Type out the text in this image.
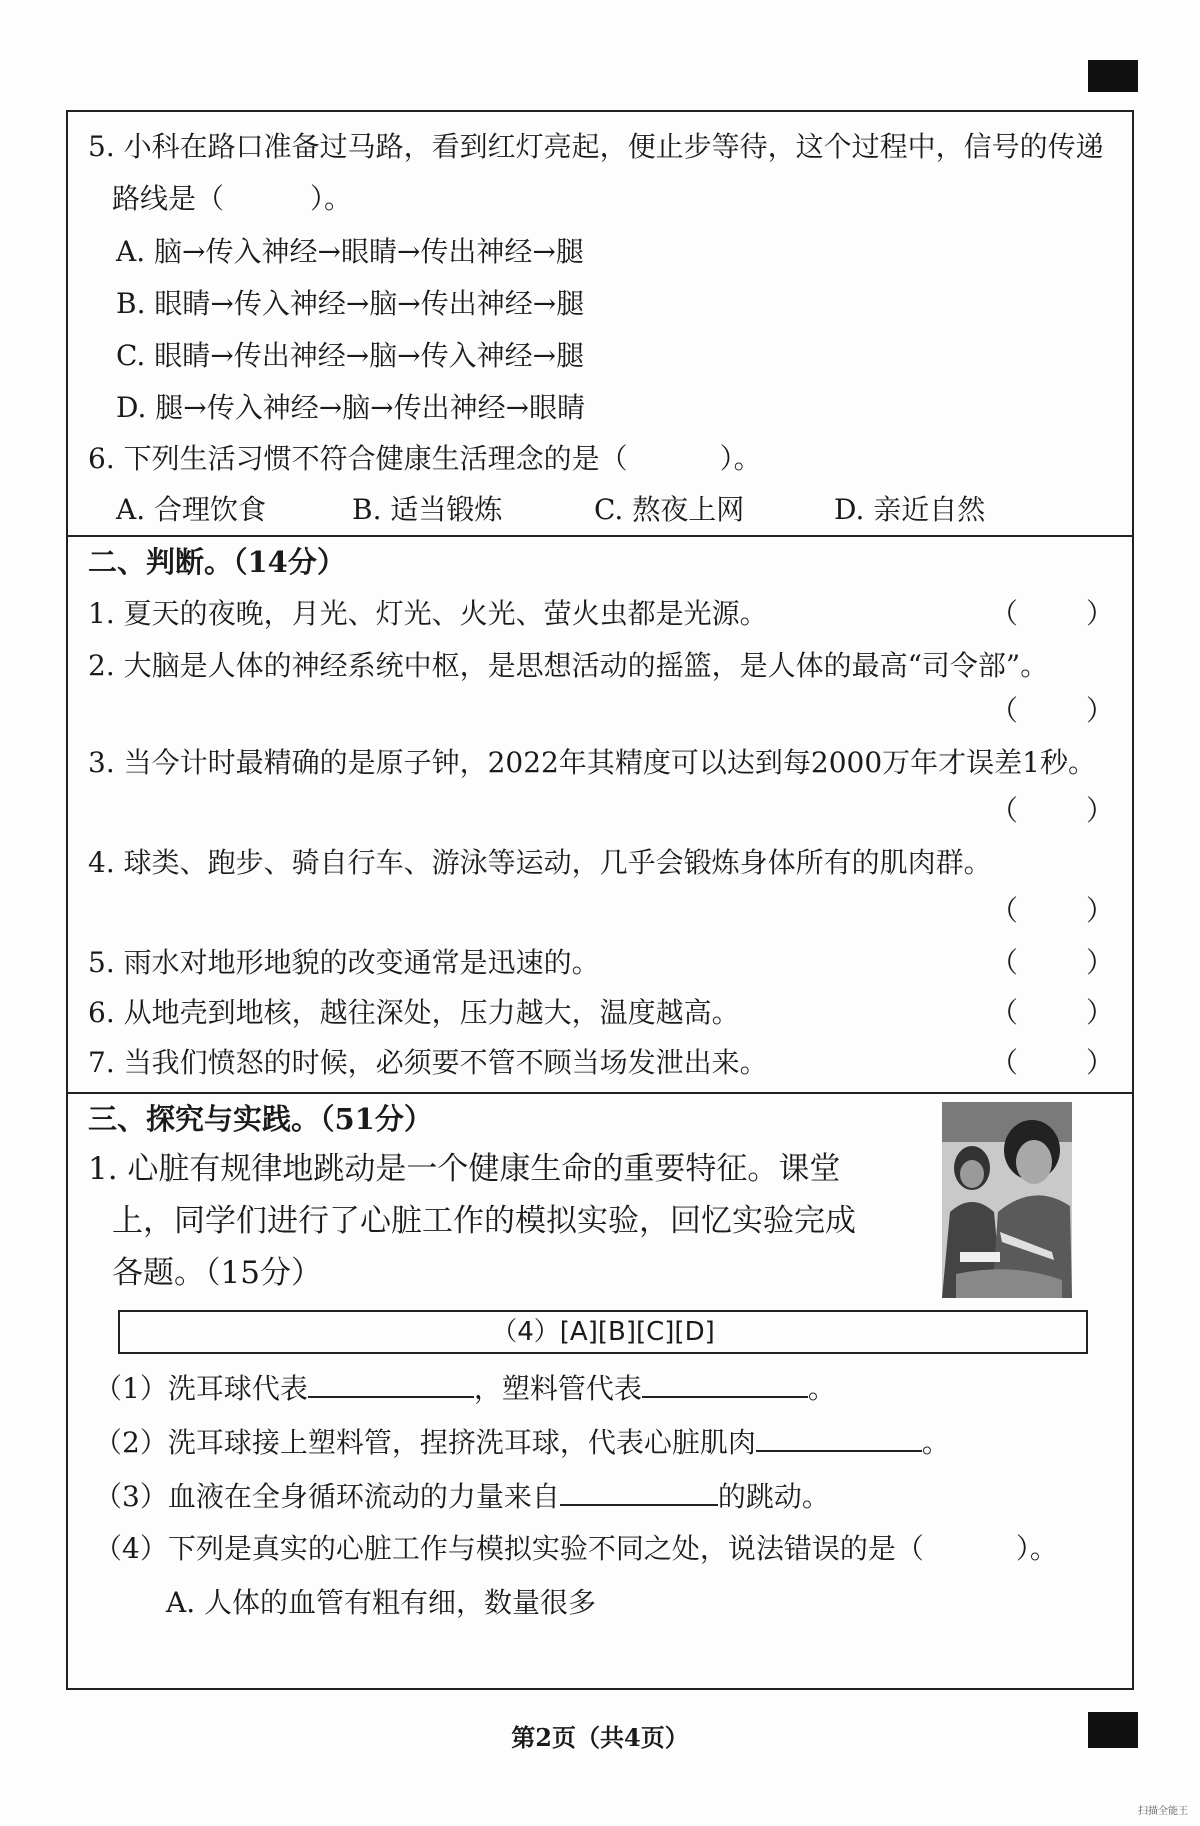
5. 小科在路口准备过马路，看到红灯亮起，便止步等待，这个过程中，信号的传递
路线是（	）。
A. 脑→传入神经→眼睛→传出神经→腿
B. 眼睛→传入神经→脑→传出神经→腿
C. 眼睛→传出神经→脑→传入神经→腿
D. 腿→传入神经→脑→传出神经→眼睛
6. 下列生活习惯不符合健康生活理念的是（	）。
A. 合理饮食	B. 适当锻炼	C. 熬夜上网	D. 亲近自然
二、判断。（14分）
1. 夏天的夜晚，月光、灯光、火光、萤火虫都是光源。	（ ）
2. 大脑是人体的神经系统中枢，是思想活动的摇篮，是人体的最高“司令部”。
（ ）
3. 当今计时最精确的是原子钟，2022年其精度可以达到每2000万年才误差1秒。
（ ）
4. 球类、跑步、骑自行车、游泳等运动，几乎会锻炼身体所有的肌肉群。
（ ）
5. 雨水对地形地貌的改变通常是迅速的。	（ ）
6. 从地壳到地核，越往深处，压力越大，温度越高。	（ ）
7. 当我们愤怒的时候，必须要不管不顾当场发泄出来。	（ ）
三、探究与实践。（51分）
1. 心脏有规律地跳动是一个健康生命的重要特征。课堂
上，同学们进行了心脏工作的模拟实验，回忆实验完成
各题。（15分）
（4）[A][B][C][D]
（1）洗耳球代表	，塑料管代表	。
（2）洗耳球接上塑料管，捏挤洗耳球，代表心脏肌肉	。
（3）血液在全身循环流动的力量来自	的跳动。
（4）下列是真实的心脏工作与模拟实验不同之处，说法错误的是（	）。
A. 人体的血管有粗有细，数量很多
第2页（共4页）
扫描全能王
